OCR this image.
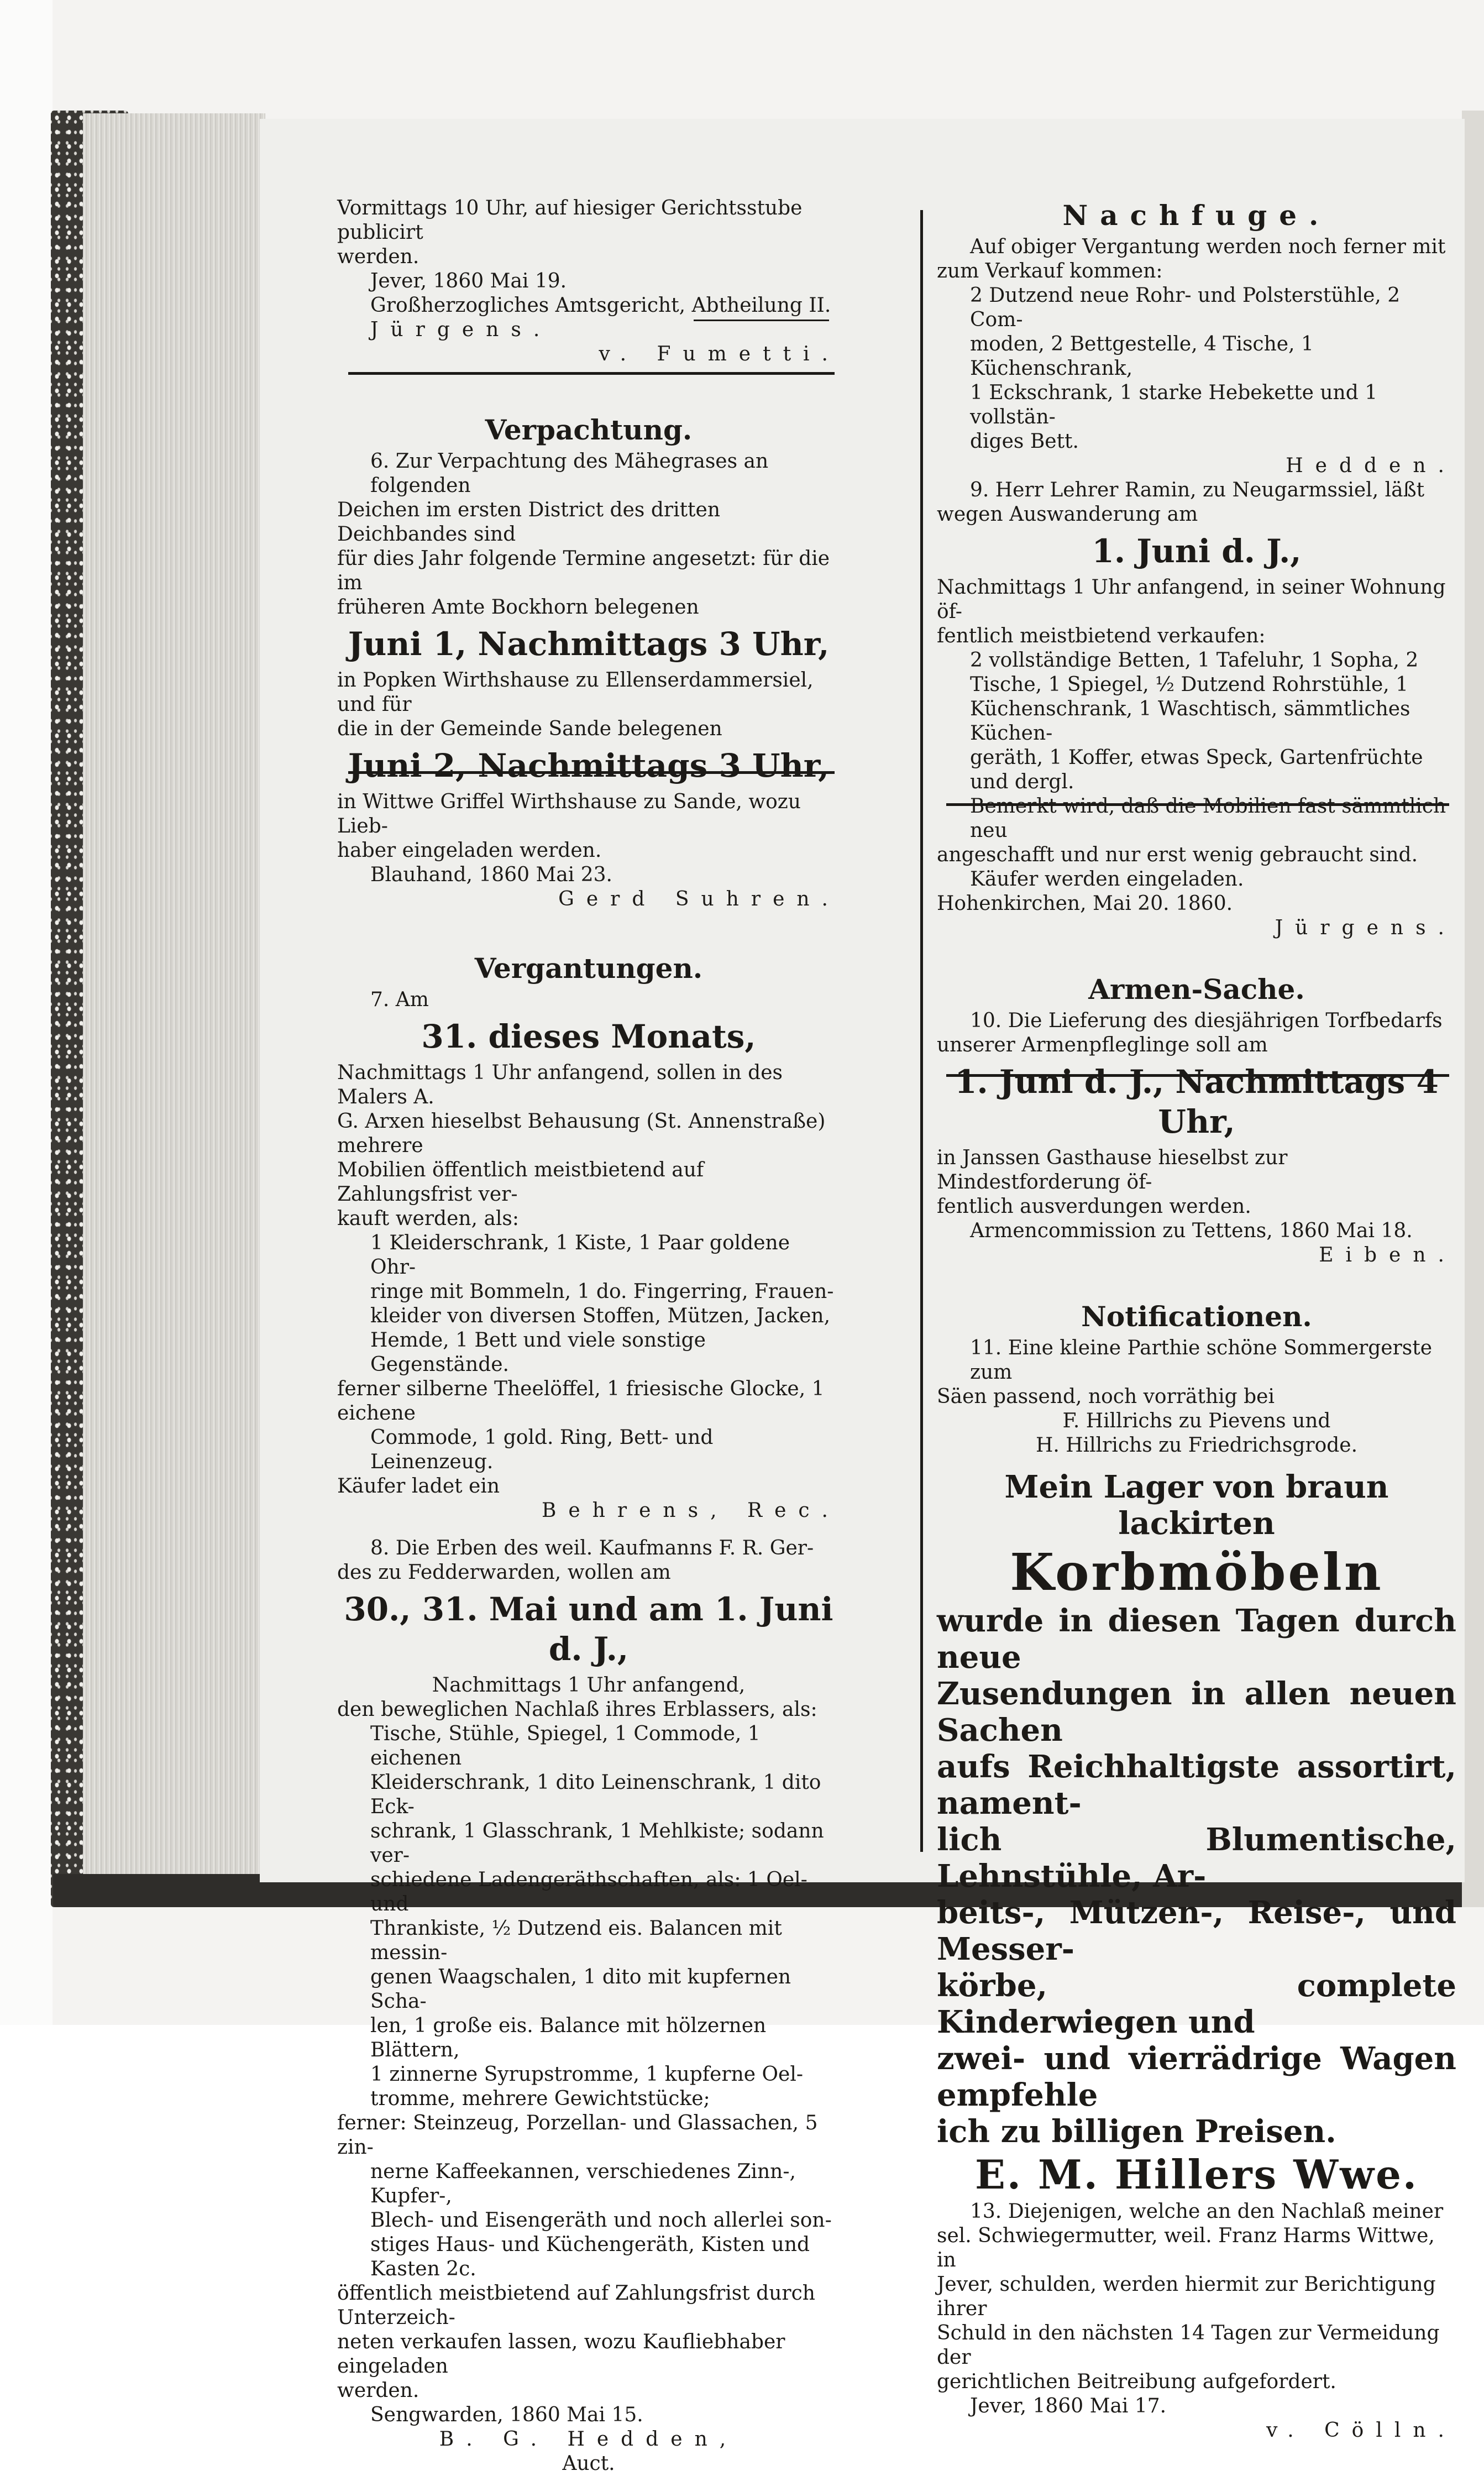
Vormittags 10 Uhr, auf hiesiger Gerichtsstube publicirt

werden.

Jever, 1860 Mai 19.

Großherzogliches Amtsgericht, Abtheilung II.

Jürgens.

v. Fumetti.

Verpachtung.

6. Zur Verpachtung des Mähegrases an folgenden

Deichen im ersten District des dritten Deichbandes sind

für dies Jahr folgende Termine angesetzt: für die im

früheren Amte Bockhorn belegenen

Juni 1, Nachmittags 3 Uhr,

in Popken Wirthshause zu Ellenserdammersiel, und für

die in der Gemeinde Sande belegenen

Juni 2, Nachmittags 3 Uhr,

in Wittwe Griffel Wirthshause zu Sande, wozu Lieb-

haber eingeladen werden.

Blauhand, 1860 Mai 23.

Gerd Suhren.

Vergantungen.

7. Am

31. dieses Monats,

Nachmittags 1 Uhr anfangend, sollen in des Malers A.

G. Arxen hieselbst Behausung (St. Annenstraße) mehrere

Mobilien öffentlich meistbietend auf Zahlungsfrist ver-

kauft werden, als:

1 Kleiderschrank, 1 Kiste, 1 Paar goldene Ohr-

ringe mit Bommeln, 1 do. Fingerring, Frauen-

kleider von diversen Stoffen, Mützen, Jacken,

Hemde, 1 Bett und viele sonstige Gegenstände.

ferner silberne Theelöffel, 1 friesische Glocke, 1 eichene

Commode, 1 gold. Ring, Bett- und Leinenzeug.

Käufer ladet ein

Behrens, Rec.

8. Die Erben des weil. Kaufmanns F. R. Ger-

des zu Fedderwarden, wollen am

30., 31. Mai und am 1. Juni d. J.,

Nachmittags 1 Uhr anfangend,

den beweglichen Nachlaß ihres Erblassers, als:

Tische, Stühle, Spiegel, 1 Commode, 1 eichenen

Kleiderschrank, 1 dito Leinenschrank, 1 dito Eck-

schrank, 1 Glasschrank, 1 Mehlkiste; sodann ver-

schiedene Ladengeräthschaften, als: 1 Oel- und

Thrankiste, ½ Dutzend eis. Balancen mit messin-

genen Waagschalen, 1 dito mit kupfernen Scha-

len, 1 große eis. Balance mit hölzernen Blättern,

1 zinnerne Syrupstromme, 1 kupferne Oel-

tromme, mehrere Gewichtstücke;

ferner: Steinzeug, Porzellan- und Glassachen, 5 zin-

nerne Kaffeekannen, verschiedenes Zinn-, Kupfer-,

Blech- und Eisengeräth und noch allerlei son-

stiges Haus- und Küchengeräth, Kisten und

Kasten 2c.

öffentlich meistbietend auf Zahlungsfrist durch Unterzeich-

neten verkaufen lassen, wozu Kaufliebhaber eingeladen

werden.

Sengwarden, 1860 Mai 15.

B. G. Hedden,

Auct.

Nachfuge.

Auf obiger Vergantung werden noch ferner mit

zum Verkauf kommen:

2 Dutzend neue Rohr- und Polsterstühle, 2 Com-

moden, 2 Bettgestelle, 4 Tische, 1 Küchenschrank,

1 Eckschrank, 1 starke Hebekette und 1 vollstän-

diges Bett.

Hedden.

9. Herr Lehrer Ramin, zu Neugarmssiel, läßt

wegen Auswanderung am

1. Juni d. J.,

Nachmittags 1 Uhr anfangend, in seiner Wohnung öf-

fentlich meistbietend verkaufen:

2 vollständige Betten, 1 Tafeluhr, 1 Sopha, 2

Tische, 1 Spiegel, ½ Dutzend Rohrstühle, 1

Küchenschrank, 1 Waschtisch, sämmtliches Küchen-

geräth, 1 Koffer, etwas Speck, Gartenfrüchte

und dergl.

Bemerkt wird, daß die Mobilien fast sämmtlich neu

angeschafft und nur erst wenig gebraucht sind.

Käufer werden eingeladen.

Hohenkirchen, Mai 20. 1860.

Jürgens.

Armen-Sache.

10. Die Lieferung des diesjährigen Torfbedarfs

unserer Armenpfleglinge soll am

1. Juni d. J., Nachmittags 4 Uhr,

in Janssen Gasthause hieselbst zur Mindestforderung öf-

fentlich ausverdungen werden.

Armencommission zu Tettens, 1860 Mai 18.

Eiben.

Notificationen.

11. Eine kleine Parthie schöne Sommergerste zum

Säen passend, noch vorräthig bei

F. Hillrichs zu Pievens und

H. Hillrichs zu Friedrichsgrode.

Mein Lager von braun lackirten

Korbmöbeln

wurde in diesen Tagen durch neue

Zusendungen in allen neuen Sachen

aufs Reichhaltigste assortirt, nament-

lich Blumentische, Lehnstühle, Ar-

beits-, Mützen-, Reise-, und Messer-

körbe, complete Kinderwiegen und

zwei- und vierrädrige Wagen empfehle

ich zu billigen Preisen.

E. M. Hillers Wwe.

13. Diejenigen, welche an den Nachlaß meiner

sel. Schwiegermutter, weil. Franz Harms Wittwe, in

Jever, schulden, werden hiermit zur Berichtigung ihrer

Schuld in den nächsten 14 Tagen zur Vermeidung der

gerichtlichen Beitreibung aufgefordert.

Jever, 1860 Mai 17.

v. Cölln.
